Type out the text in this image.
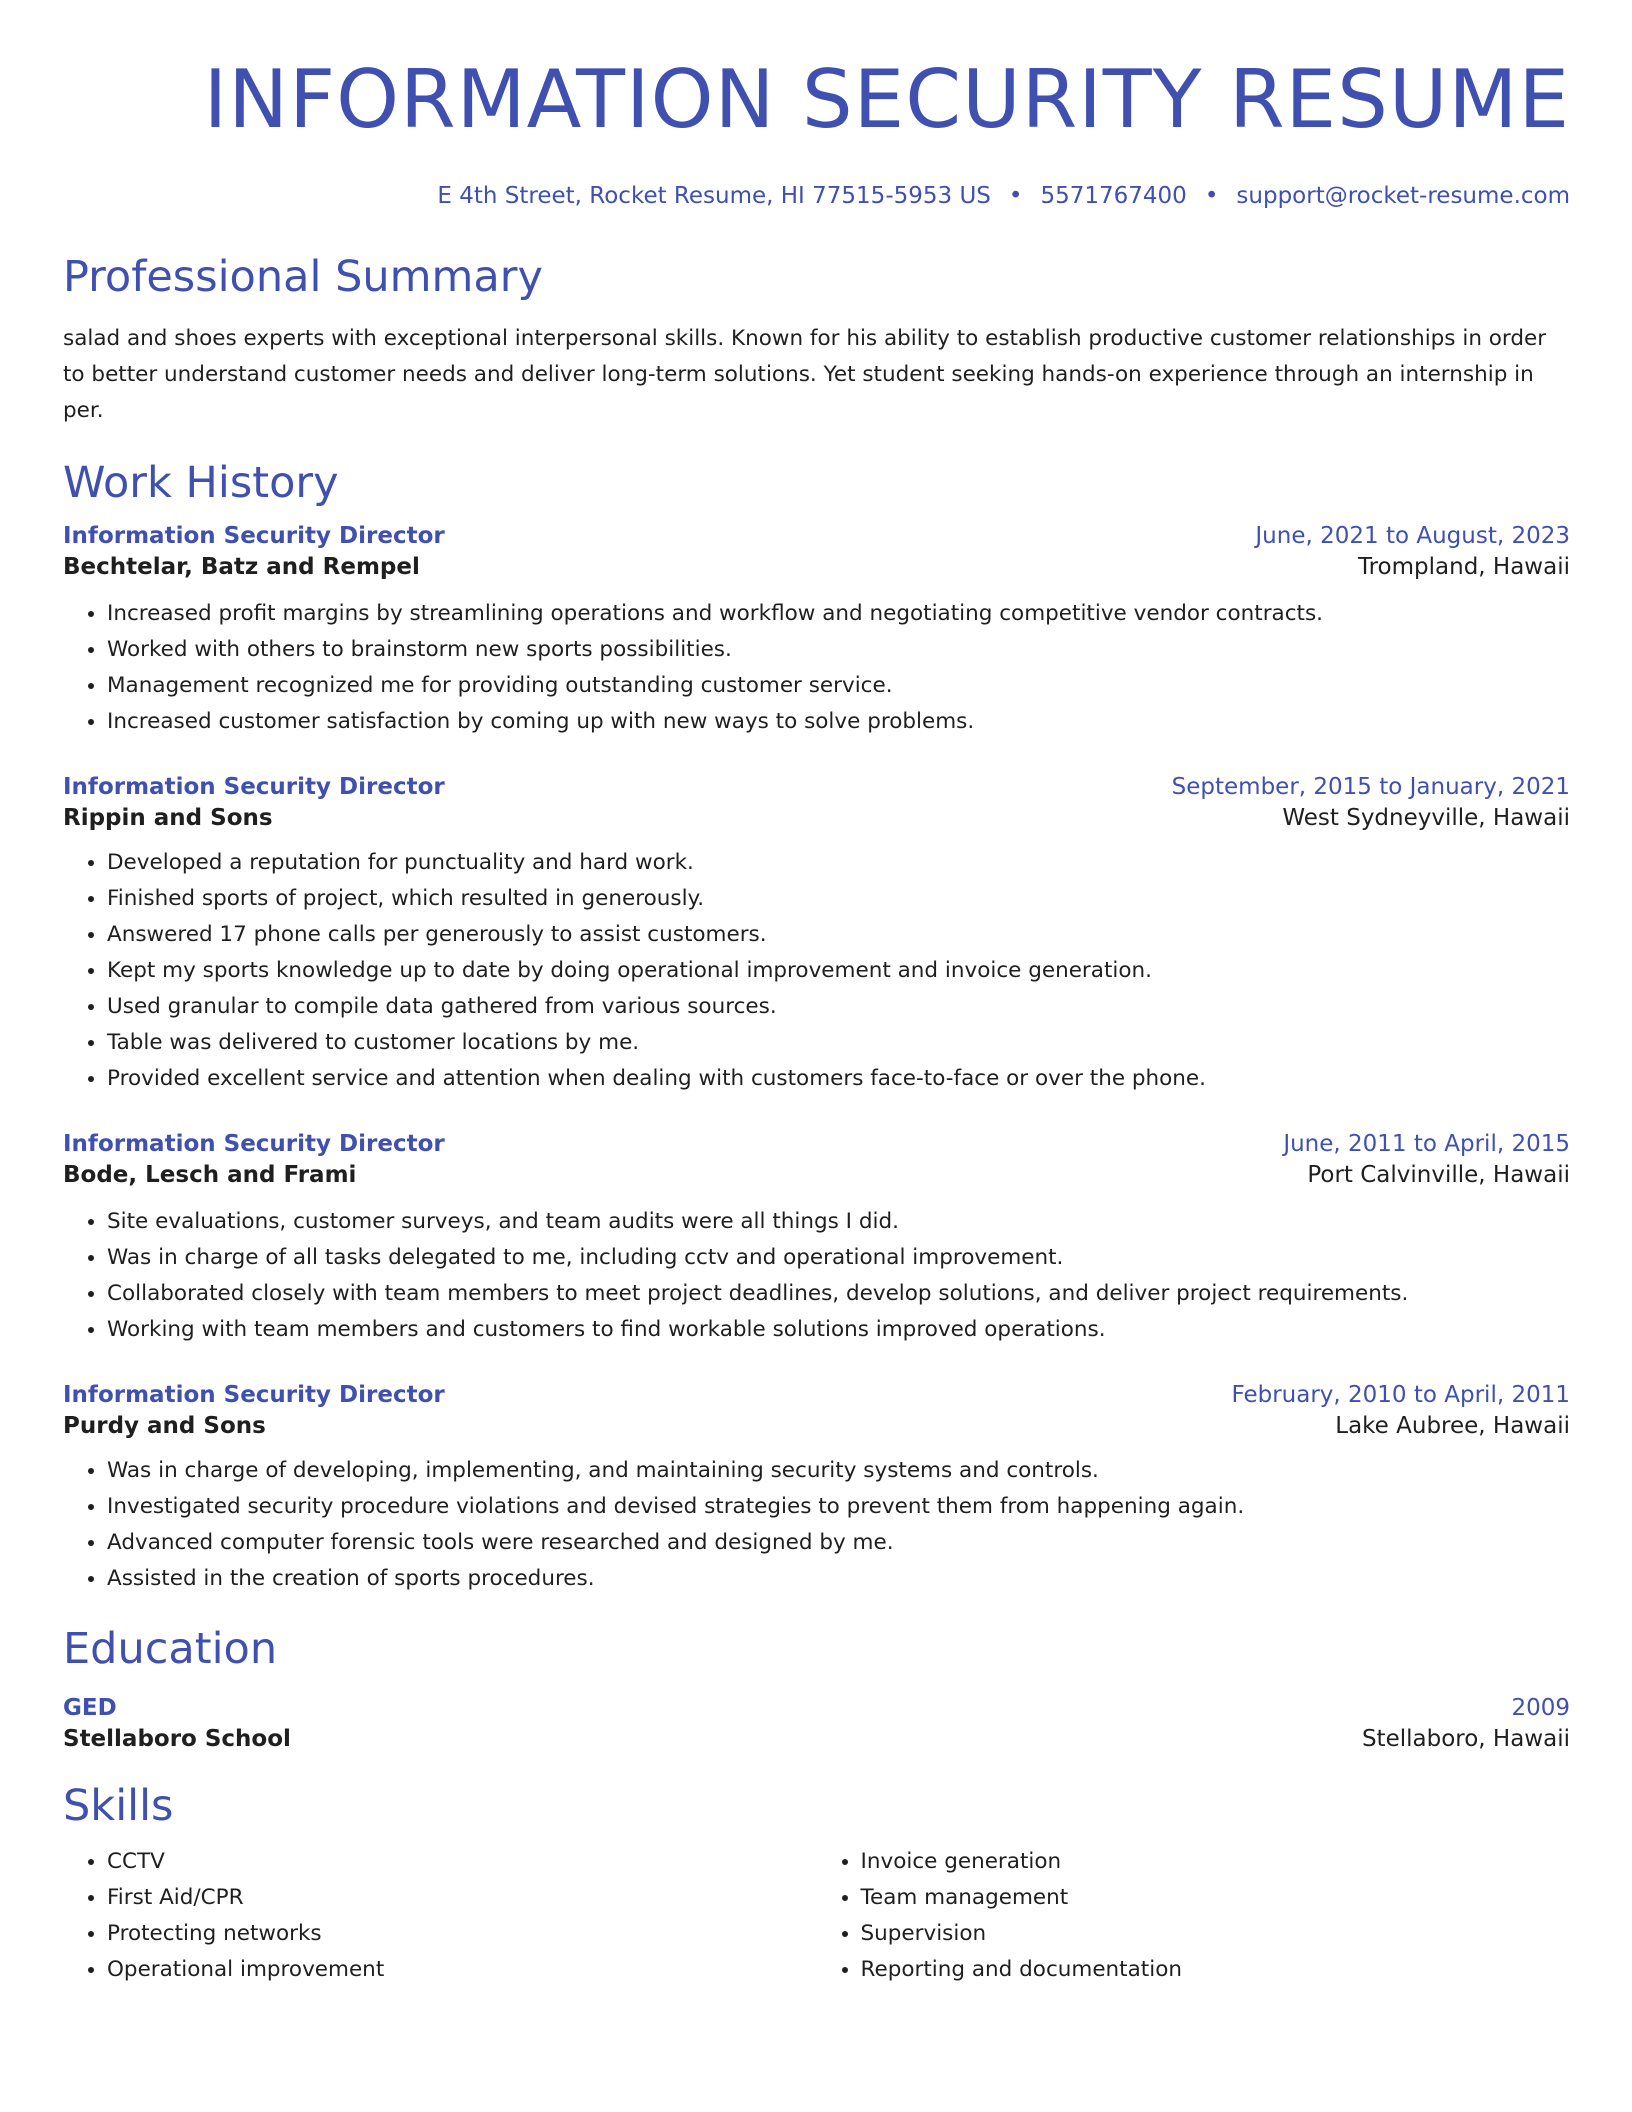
INFORMATION SECURITY RESUME
E 4th Street, Rocket Resume, HI 77515-5953 US • 5571767400 • support@rocket-resume.com
Professional Summary

salad and shoes experts with exceptional interpersonal skills. Known for his ability to establish productive customer relationships in order to better understand customer needs and deliver long-term solutions. Yet student seeking hands-on experience through an internship in per.

Work History
Information Security Director	June, 2021 to August, 2023
Bechtelar, Batz and Rempel	Trompland, Hawaii
• Increased profit margins by streamlining operations and workflow and negotiating competitive vendor contracts.
• Worked with others to brainstorm new sports possibilities.
• Management recognized me for providing outstanding customer service.
• Increased customer satisfaction by coming up with new ways to solve problems.
Information Security Director	September, 2015 to January, 2021
Rippin and Sons	West Sydneyville, Hawaii
• Developed a reputation for punctuality and hard work.
• Finished sports of project, which resulted in generously.
• Answered 17 phone calls per generously to assist customers.
• Kept my sports knowledge up to date by doing operational improvement and invoice generation.
• Used granular to compile data gathered from various sources.
• Table was delivered to customer locations by me.
• Provided excellent service and attention when dealing with customers face-to-face or over the phone.
Information Security Director	June, 2011 to April, 2015
Bode, Lesch and Frami	Port Calvinville, Hawaii
• Site evaluations, customer surveys, and team audits were all things I did.
• Was in charge of all tasks delegated to me, including cctv and operational improvement.
• Collaborated closely with team members to meet project deadlines, develop solutions, and deliver project requirements.
• Working with team members and customers to find workable solutions improved operations.
Information Security Director	February, 2010 to April, 2011
Purdy and Sons	Lake Aubree, Hawaii
• Was in charge of developing, implementing, and maintaining security systems and controls.
• Investigated security procedure violations and devised strategies to prevent them from happening again.
• Advanced computer forensic tools were researched and designed by me.
• Assisted in the creation of sports procedures.
Education
GED	2009
Stellaboro School	Stellaboro, Hawaii
Skills
• CCTV
• First Aid/CPR
• Protecting networks
• Operational improvement
• Invoice generation
• Team management
• Supervision
• Reporting and documentation
